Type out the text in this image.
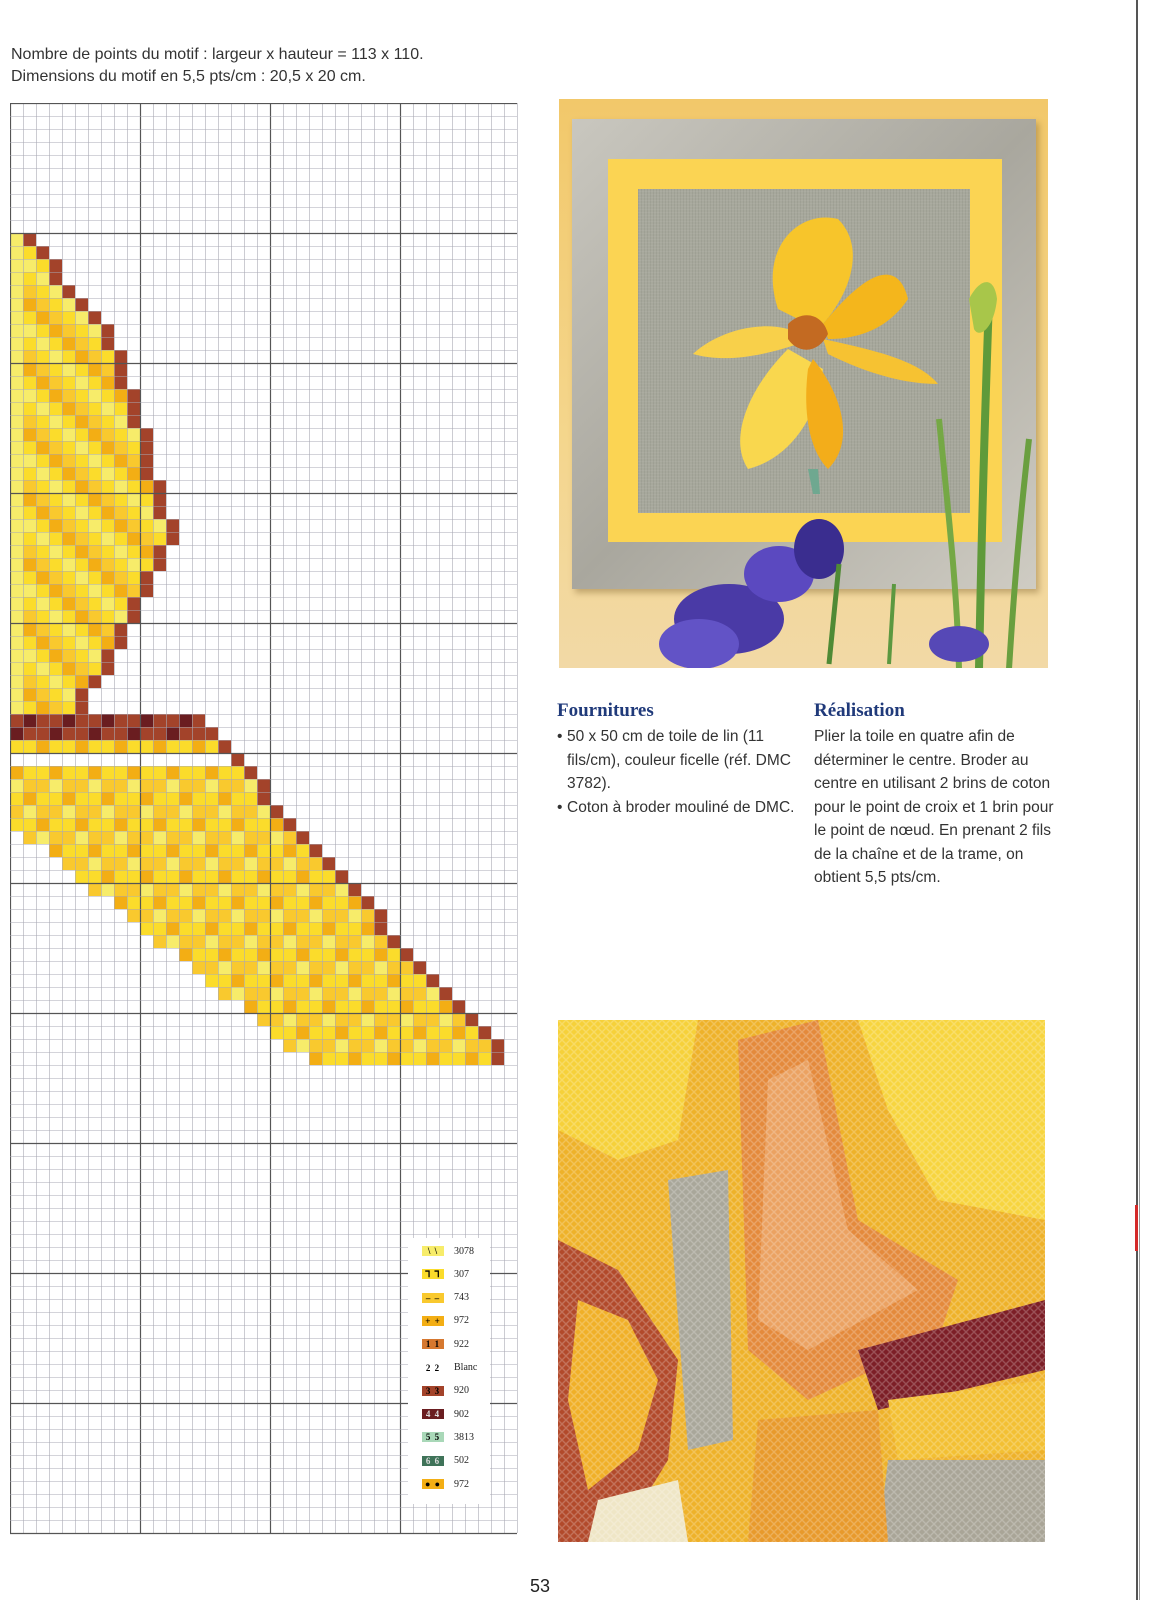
Nombre de points du motif : largeur x hauteur = 113 x 110.
Dimensions du motif en 5,5 pts/cm : 20,5 x 20 cm.
\ \	3078
⅂ ⅂	307
– –	743
+ +	972
1 1	922
2 2	Blanc
3 3	920
4 4	902
5 5	3813
6 6	502
● ● 972
Fournitures
• 50 x 50 cm de toile de lin (11 fils/cm), couleur ficelle (réf. DMC 3782).
• Coton à broder mouliné de DMC.
Réalisation
Plier la toile en quatre afin de déterminer le centre. Broder au centre en utilisant 2 brins de coton pour le point de croix et 1 brin pour le point de nœud. En prenant 2 fils de la chaîne et de la trame, on obtient 5,5 pts/cm.
53
